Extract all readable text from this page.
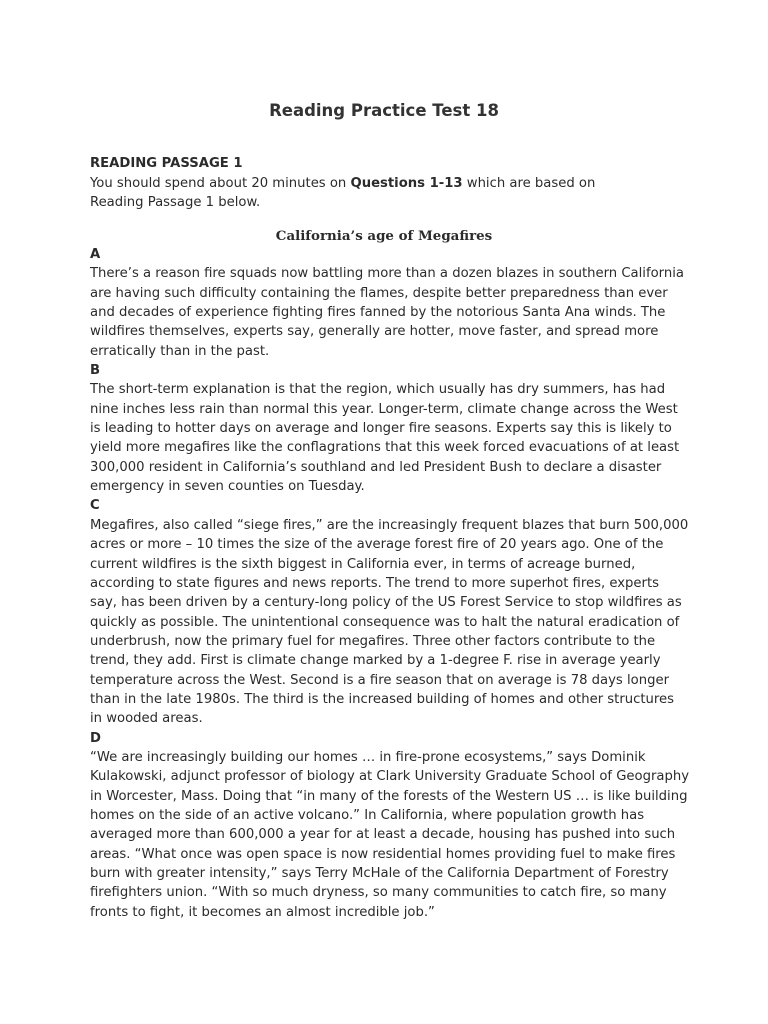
Reading Practice Test 18

READING PASSAGE 1

You should spend about 20 minutes on Questions 1-13 which are based on Reading Passage 1 below.

California’s age of Megafires
A
There’s a reason fire squads now battling more than a dozen blazes in southern California are having such difficulty containing the flames, despite better preparedness than ever and decades of experience fighting fires fanned by the notorious Santa Ana winds. The wildfires themselves, experts say, generally are hotter, move faster, and spread more erratically than in the past.
B
The short-term explanation is that the region, which usually has dry summers, has had nine inches less rain than normal this year. Longer-term, climate change across the West is leading to hotter days on average and longer fire seasons. Experts say this is likely to yield more megafires like the conflagrations that this week forced evacuations of at least 300,000 resident in California’s southland and led President Bush to declare a disaster emergency in seven counties on Tuesday.
C
Megafires, also called “siege fires,” are the increasingly frequent blazes that burn 500,000 acres or more – 10 times the size of the average forest fire of 20 years ago. One of the current wildfires is the sixth biggest in California ever, in terms of acreage burned, according to state figures and news reports. The trend to more superhot fires, experts say, has been driven by a century-long policy of the US Forest Service to stop wildfires as quickly as possible. The unintentional consequence was to halt the natural eradication of underbrush, now the primary fuel for megafires. Three other factors contribute to the trend, they add. First is climate change marked by a 1-degree F. rise in average yearly temperature across the West. Second is a fire season that on average is 78 days longer than in the late 1980s. The third is the increased building of homes and other structures in wooded areas.
D
“We are increasingly building our homes … in fire-prone ecosystems,” says Dominik Kulakowski, adjunct professor of biology at Clark University Graduate School of Geography in Worcester, Mass. Doing that “in many of the forests of the Western US … is like building homes on the side of an active volcano.” In California, where population growth has averaged more than 600,000 a year for at least a decade, housing has pushed into such areas. “What once was open space is now residential homes providing fuel to make fires burn with greater intensity,” says Terry McHale of the California Department of Forestry firefighters union. “With so much dryness, so many communities to catch fire, so many fronts to fight, it becomes an almost incredible job.”
